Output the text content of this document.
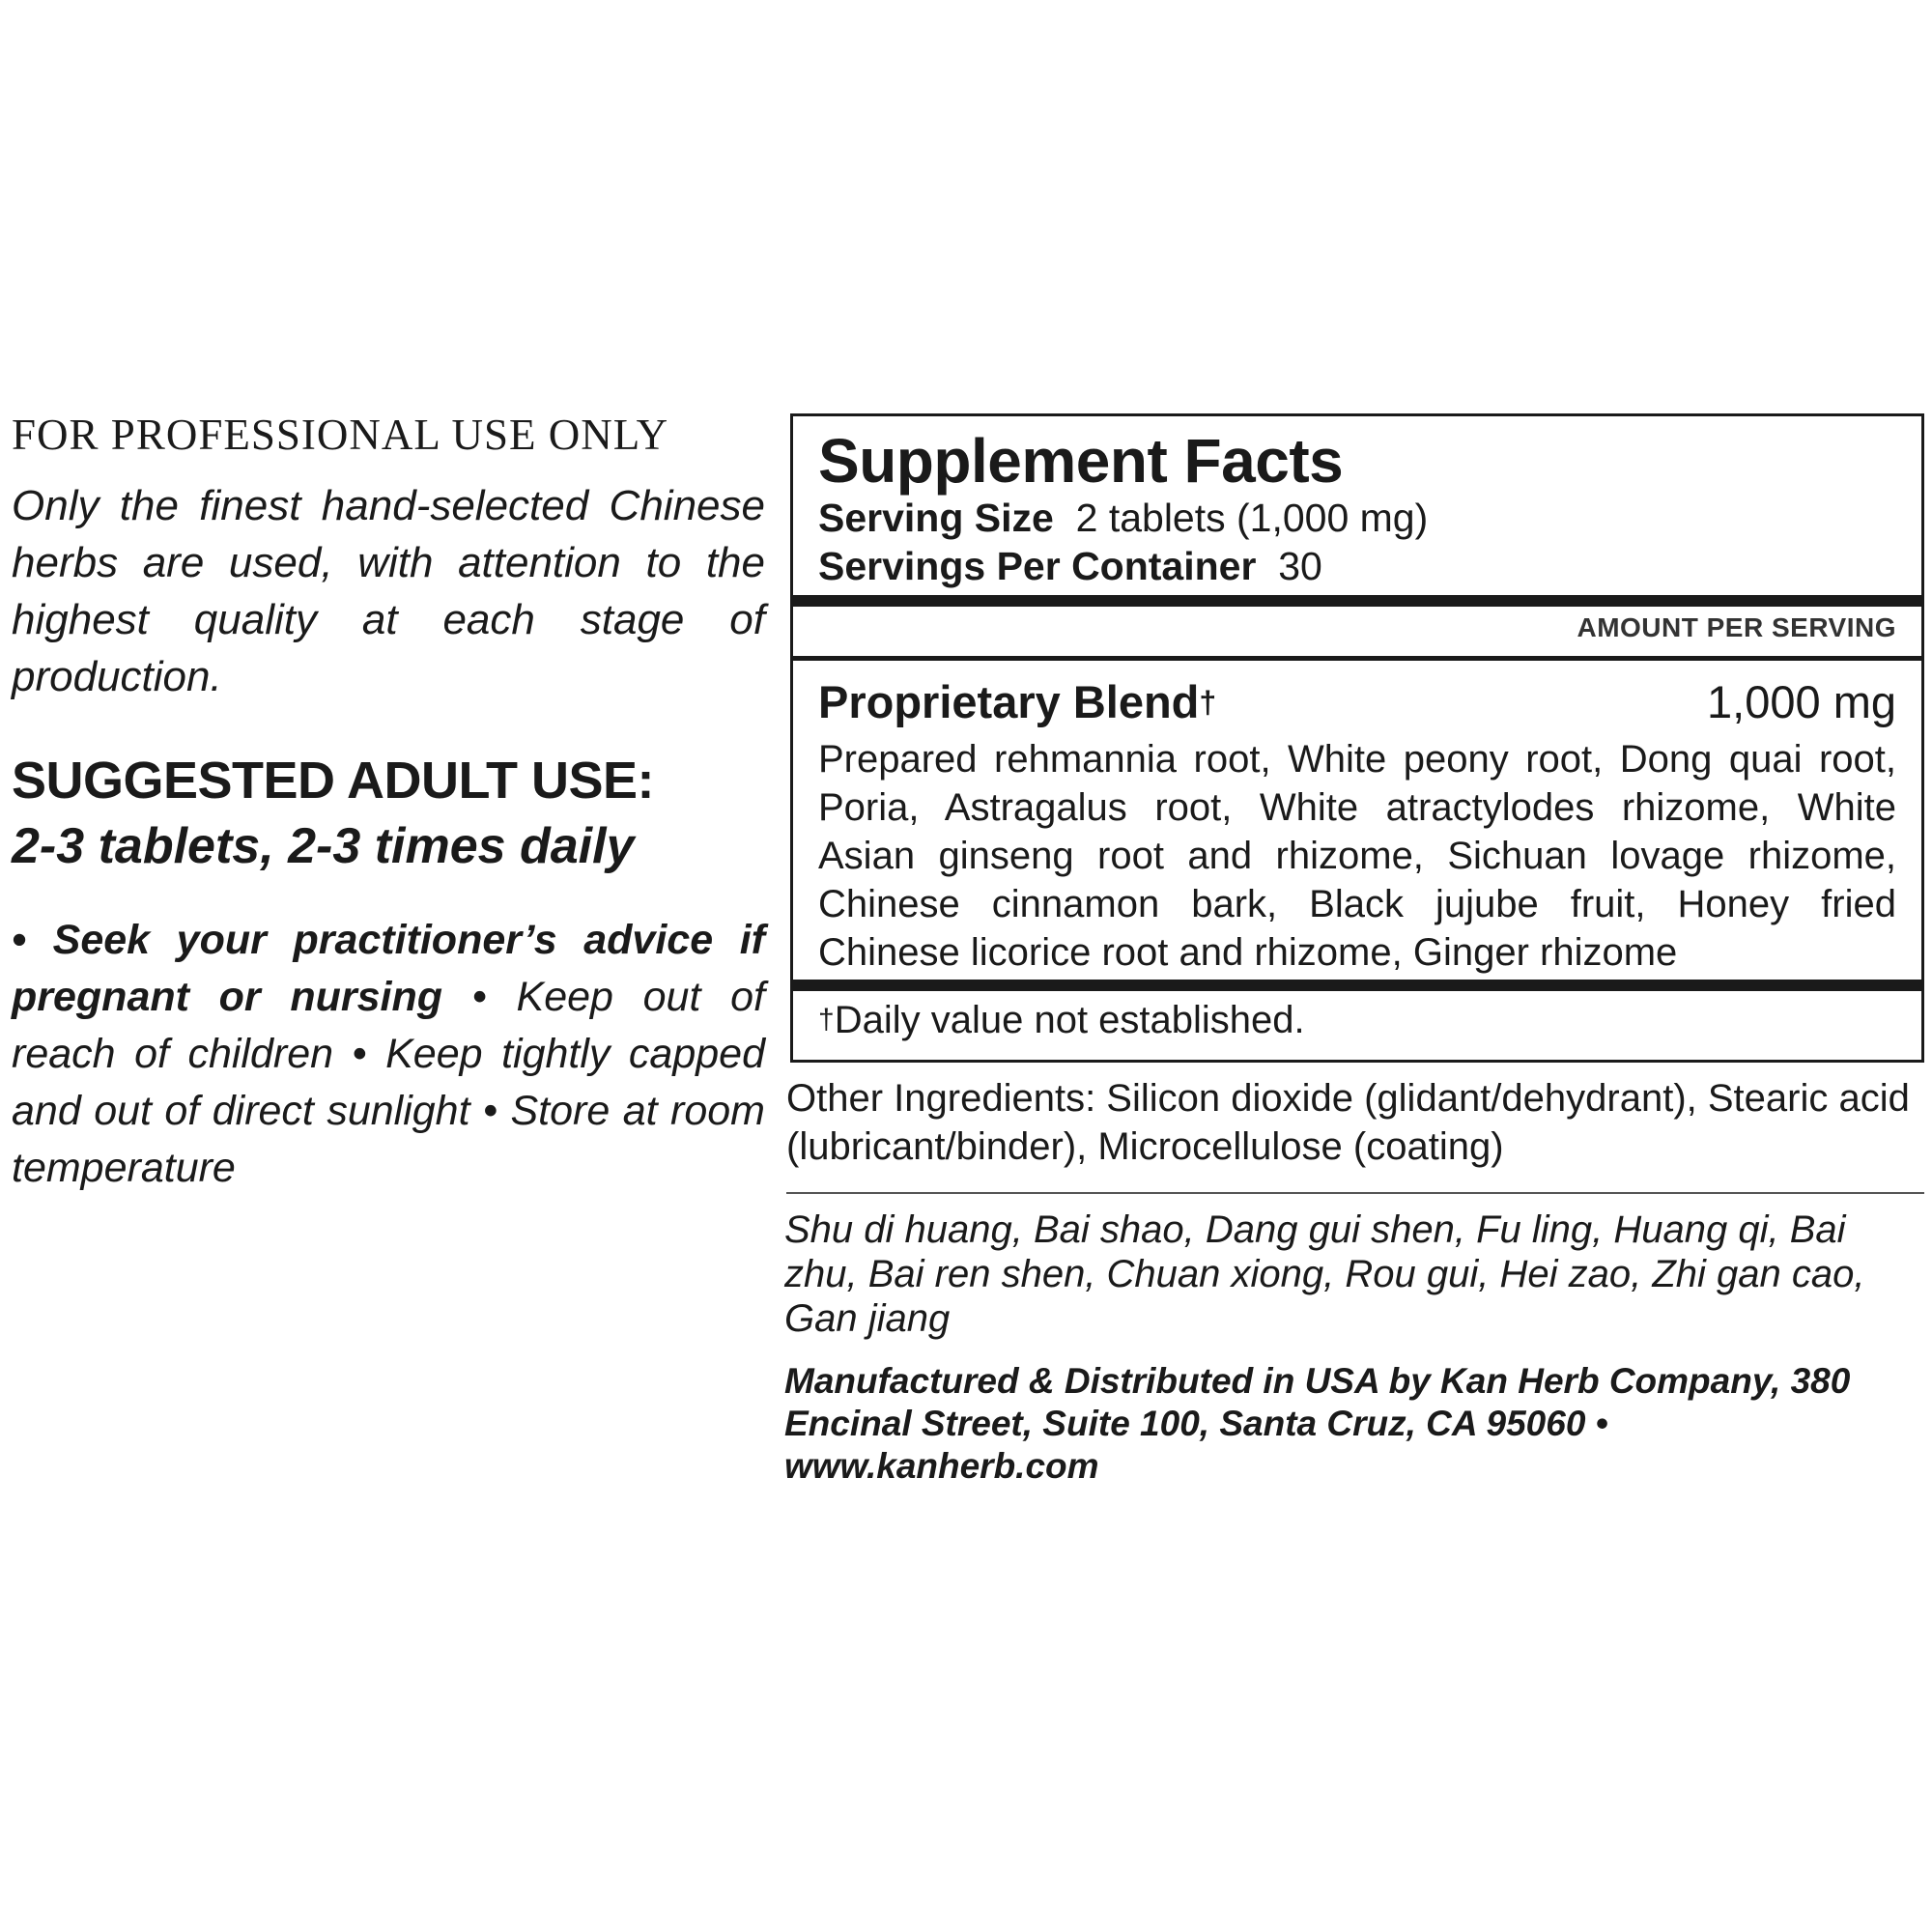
FOR PROFESSIONAL USE ONLY

Only the finest hand-selected Chinese herbs are used, with attention to the highest quality at each stage of production.

SUGGESTED ADULT USE:

2-3 tablets, 2-3 times daily

• Seek your practitioner’s advice if pregnant or nursing • Keep out of reach of children • Keep tightly capped and out of direct sunlight • Store at room temperature

Supplement Facts
Serving Size 2 tablets (1,000 mg)
Servings Per Container 30
AMOUNT PER SERVING
Proprietary Blend†	1,000 mg

Prepared rehmannia root, White peony root, Dong quai root, Poria, Astragalus root, White atractylodes rhizome, White Asian ginseng root and rhizome, Sichuan lovage rhizome, Chinese cinnamon bark, Black jujube fruit, Honey fried Chinese licorice root and rhizome, Ginger rhizome

†Daily value not established.

Other Ingredients: Silicon dioxide (glidant/dehydrant), Stearic acid (lubricant/binder), Microcellulose (coating)

Shu di huang, Bai shao, Dang gui shen, Fu ling, Huang qi, Bai zhu, Bai ren shen, Chuan xiong, Rou gui, Hei zao, Zhi gan cao, Gan jiang

Manufactured & Distributed in USA by Kan Herb Company, 380 Encinal Street, Suite 100, Santa Cruz, CA 95060 • www.kanherb.com
